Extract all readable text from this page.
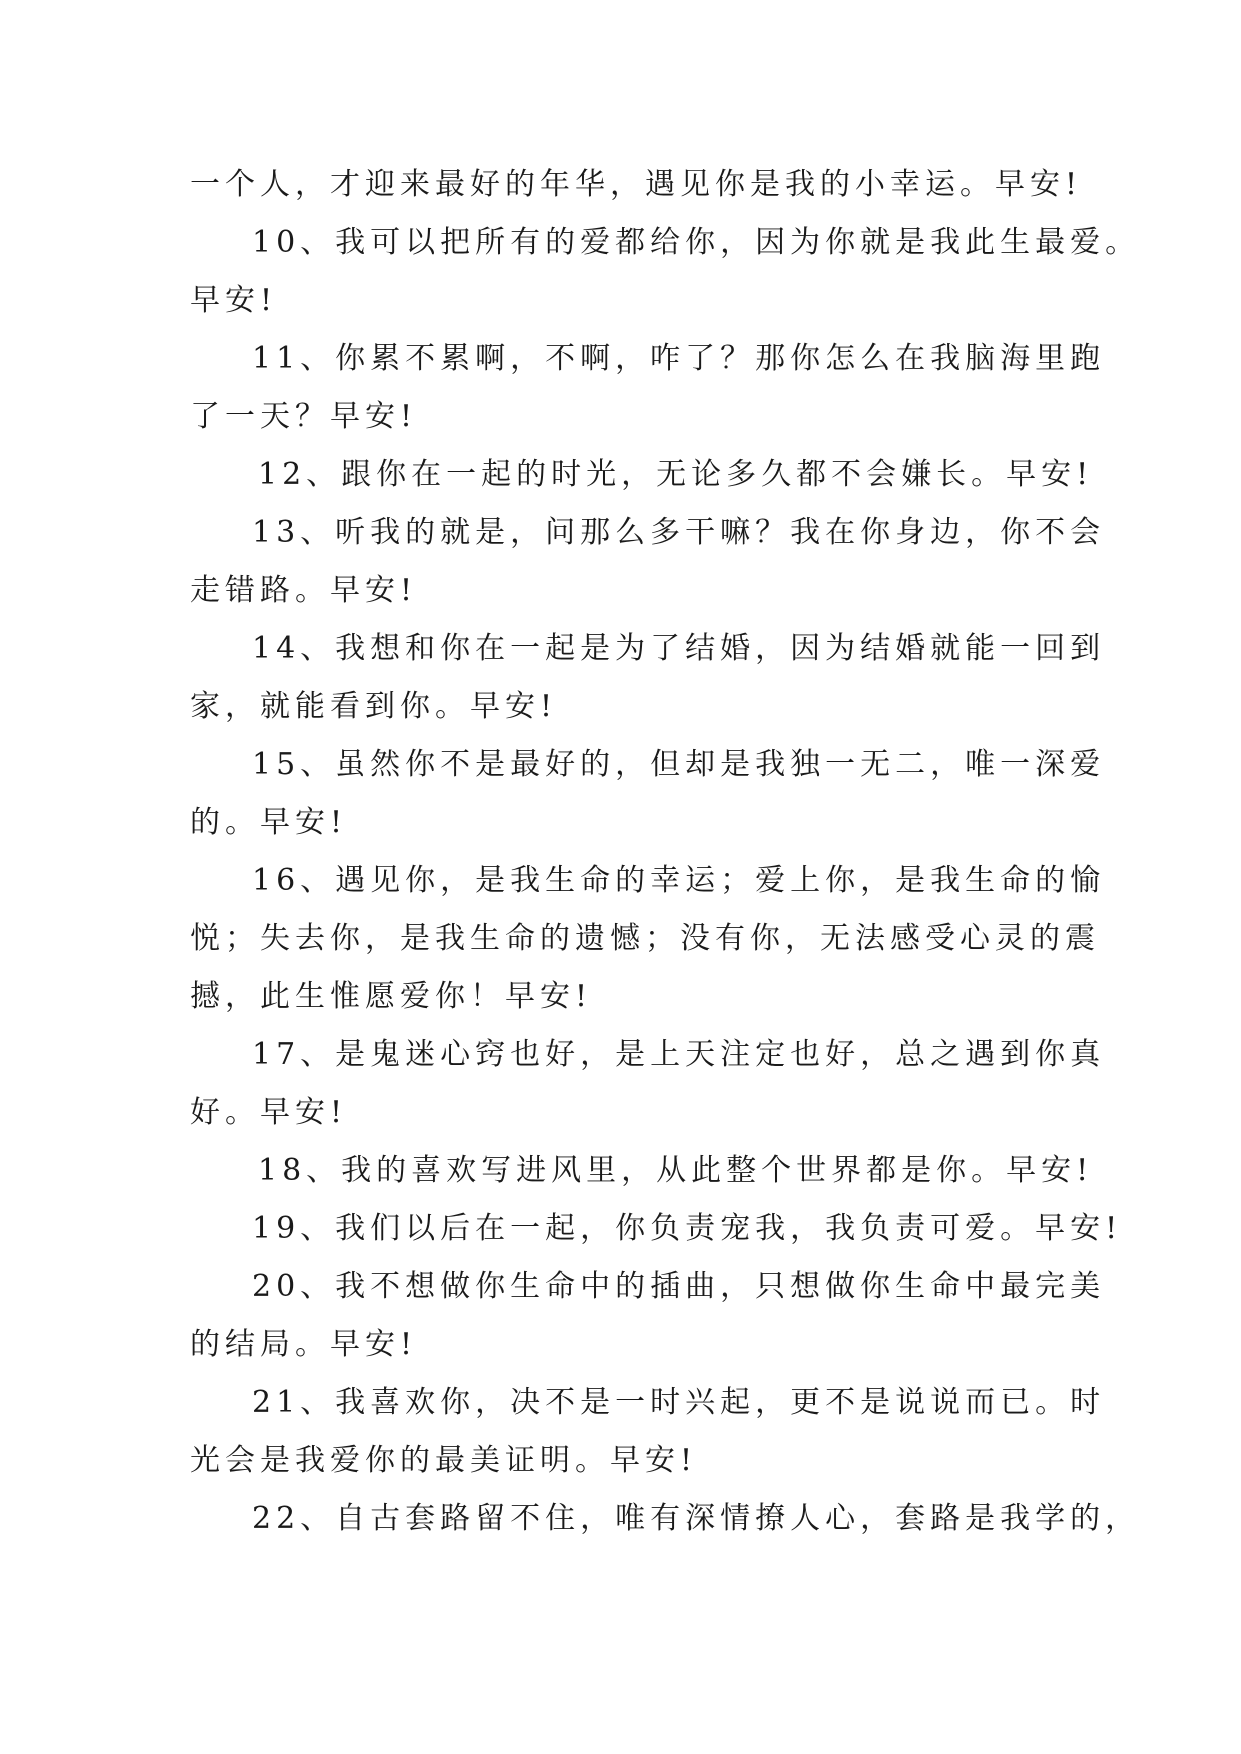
一个人，才迎来最好的年华，遇见你是我的小幸运。早安!
10、我可以把所有的爱都给你，因为你就是我此生最爱。
早安!
11、你累不累啊，不啊，咋了？那你怎么在我脑海里跑
了一天？早安!
12、跟你在一起的时光，无论多久都不会嫌长。早安!
13、听我的就是，问那么多干嘛？我在你身边，你不会
走错路。早安!
14、我想和你在一起是为了结婚，因为结婚就能一回到
家，就能看到你。早安!
15、虽然你不是最好的，但却是我独一无二，唯一深爱
的。早安!
16、遇见你，是我生命的幸运；爱上你，是我生命的愉
悦；失去你，是我生命的遗憾；没有你，无法感受心灵的震
撼，此生惟愿爱你！早安!
17、是鬼迷心窍也好，是上天注定也好，总之遇到你真
好。早安!
18、我的喜欢写进风里，从此整个世界都是你。早安!
19、我们以后在一起，你负责宠我，我负责可爱。早安!
20、我不想做你生命中的插曲，只想做你生命中最完美
的结局。早安!
21、我喜欢你，决不是一时兴起，更不是说说而已。时
光会是我爱你的最美证明。早安!
22、自古套路留不住，唯有深情撩人心，套路是我学的，
